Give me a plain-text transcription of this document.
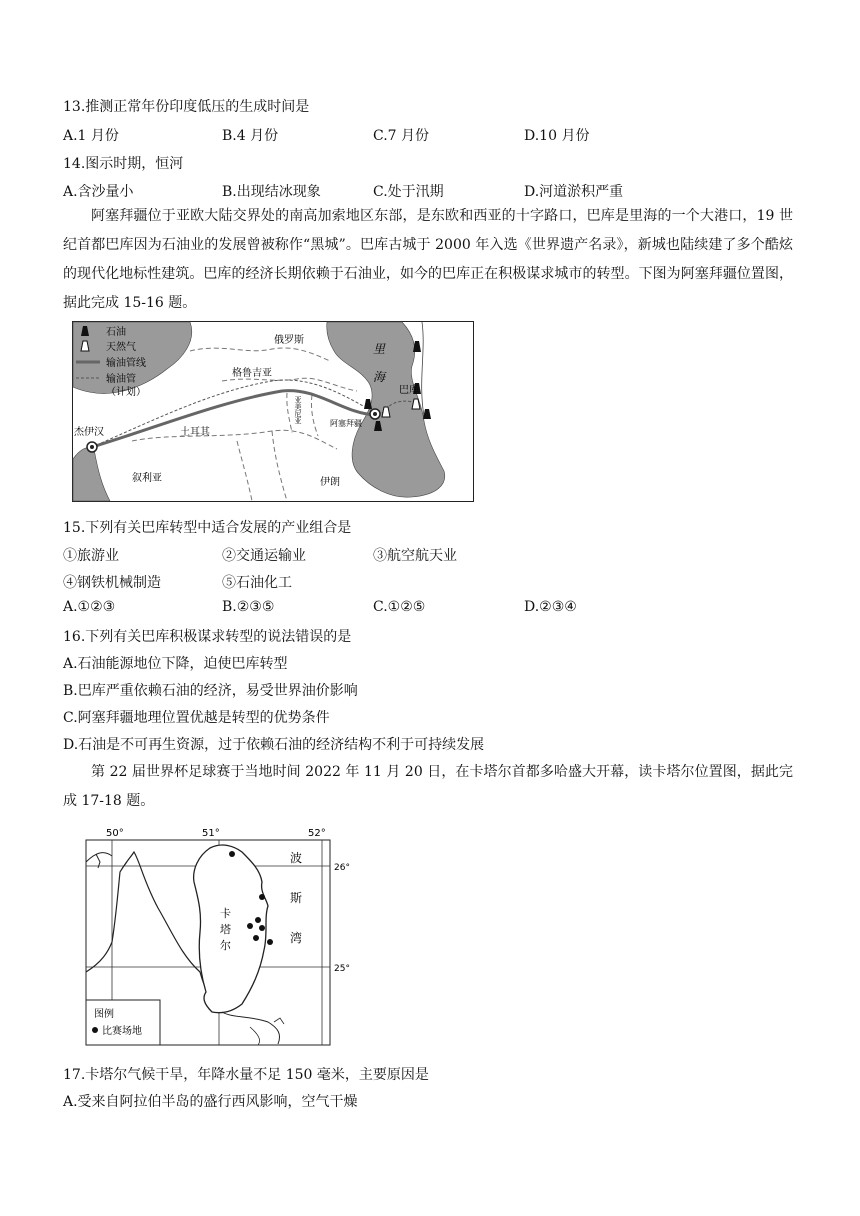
13.推测正常年份印度低压的生成时间是
A.1 月份	B.4 月份	C.7 月份	D.10 月份
14.图示时期，恒河
A.含沙量小	B.出现结冰现象	C.处于汛期	D.河道淤积严重
阿塞拜疆位于亚欧大陆交界处的南高加索地区东部，是东欧和西亚的十字路口，巴库是里海的一个大港口，19 世纪首都巴库因为石油业的发展曾被称作“黑城”。巴库古城于 2000 年入选《世界遗产名录》，新城也陆续建了多个酷炫的现代化地标性建筑。巴库的经济长期依赖于石油业，如今的巴库正在积极谋求城市的转型。下图为阿塞拜疆位置图，据此完成 15-16 题。
石油
天然气
输油管线
输油管
（计划）
俄罗斯
格鲁吉亚
亚美尼亚
巴库
阿塞拜疆
里
海
杰伊汉	土耳其
叙利亚	伊朗
15.下列有关巴库转型中适合发展的产业组合是
①旅游业	②交通运输业	③航空航天业
④钢铁机械制造	⑤石油化工
A.①②③	B.②③⑤	C.①②⑤	D.②③④
16.下列有关巴库积极谋求转型的说法错误的是
A.石油能源地位下降，迫使巴库转型
B.巴库严重依赖石油的经济，易受世界油价影响
C.阿塞拜疆地理位置优越是转型的优势条件
D.石油是不可再生资源，过于依赖石油的经济结构不利于可持续发展
第 22 届世界杯足球赛于当地时间 2022 年 11 月 20 日，在卡塔尔首都多哈盛大开幕，读卡塔尔位置图，据此完成 17-18 题。
50°	51°	52°
26°
25°
卡
塔
尔
波
斯
湾
图例
比赛场地
17.卡塔尔气候干旱，年降水量不足 150 毫米，主要原因是
A.受来自阿拉伯半岛的盛行西风影响，空气干燥
